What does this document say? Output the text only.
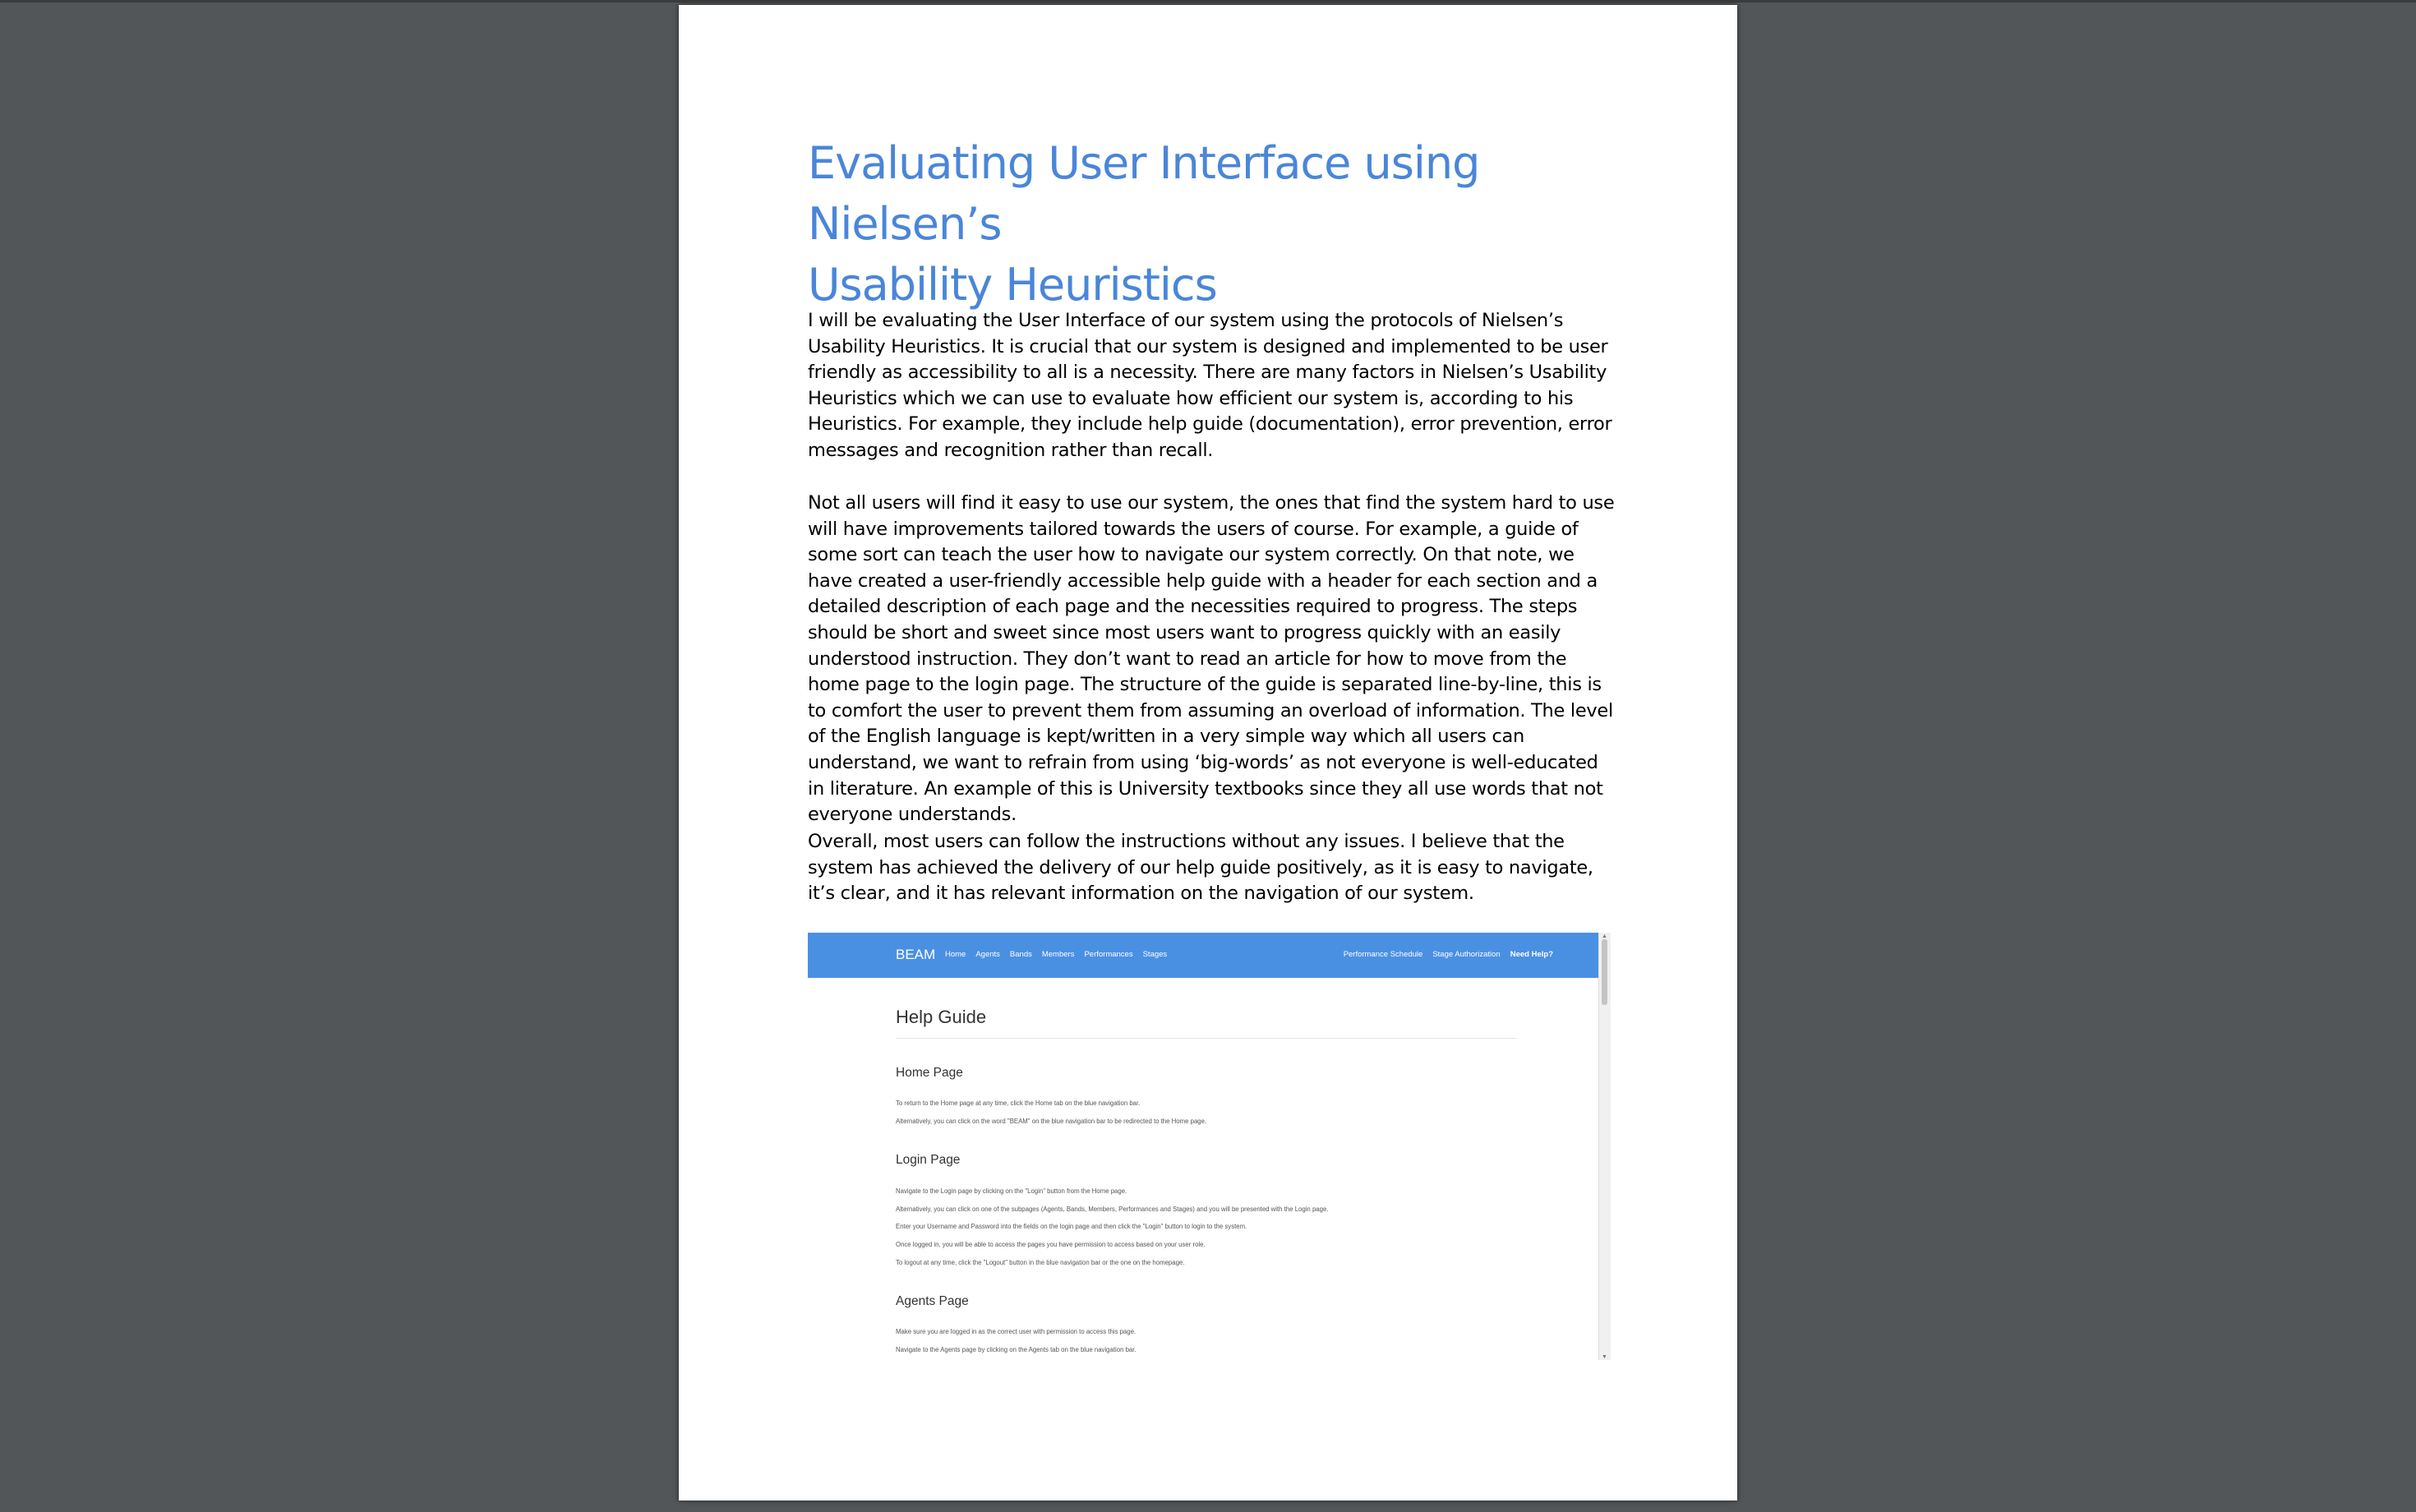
Evaluating User Interface using Nielsen’s
Usability Heuristics

I will be evaluating the User Interface of our system using the protocols of Nielsen’s Usability Heuristics. It is crucial that our system is designed and implemented to be user friendly as accessibility to all is a necessity. There are many factors in Nielsen’s Usability Heuristics which we can use to evaluate how efficient our system is, according to his Heuristics. For example, they include help guide (documentation), error prevention, error messages and recognition rather than recall.

Not all users will find it easy to use our system, the ones that find the system hard to use will have improvements tailored towards the users of course. For example, a guide of some sort can teach the user how to navigate our system correctly. On that note, we have created a user-friendly accessible help guide with a header for each section and a detailed description of each page and the necessities required to progress. The steps should be short and sweet since most users want to progress quickly with an easily understood instruction. They don’t want to read an article for how to move from the home page to the login page. The structure of the guide is separated line-by-line, this is to comfort the user to prevent them from assuming an overload of information. The level of the English language is kept/written in a very simple way which all users can understand, we want to refrain from using ‘big-words’ as not everyone is well-educated in literature. An example of this is University textbooks since they all use words that not everyone understands.

Overall, most users can follow the instructions without any issues. I believe that the system has achieved the delivery of our help guide positively, as it is easy to navigate, it’s clear, and it has relevant information on the navigation of our system.

BEAM Home Agents Bands Members Performances Stages	Performance Schedule Stage Authorization Need Help?
▲
▼
Help Guide
Home Page
To return to the Home page at any time, click the Home tab on the blue navigation bar.
Alternatively, you can click on the word "BEAM" on the blue navigation bar to be redirected to the Home page.
Login Page
Navigate to the Login page by clicking on the "Login" button from the Home page.
Alternatively, you can click on one of the subpages (Agents, Bands, Members, Performances and Stages) and you will be presented with the Login page.
Enter your Username and Password into the fields on the login page and then click the "Login" button to login to the system.
Once logged in, you will be able to access the pages you have permission to access based on your user role.
To logout at any time, click the "Logout" button in the blue navigation bar or the one on the homepage.
Agents Page
Make sure you are logged in as the correct user with permission to access this page.
Navigate to the Agents page by clicking on the Agents tab on the blue navigation bar.
